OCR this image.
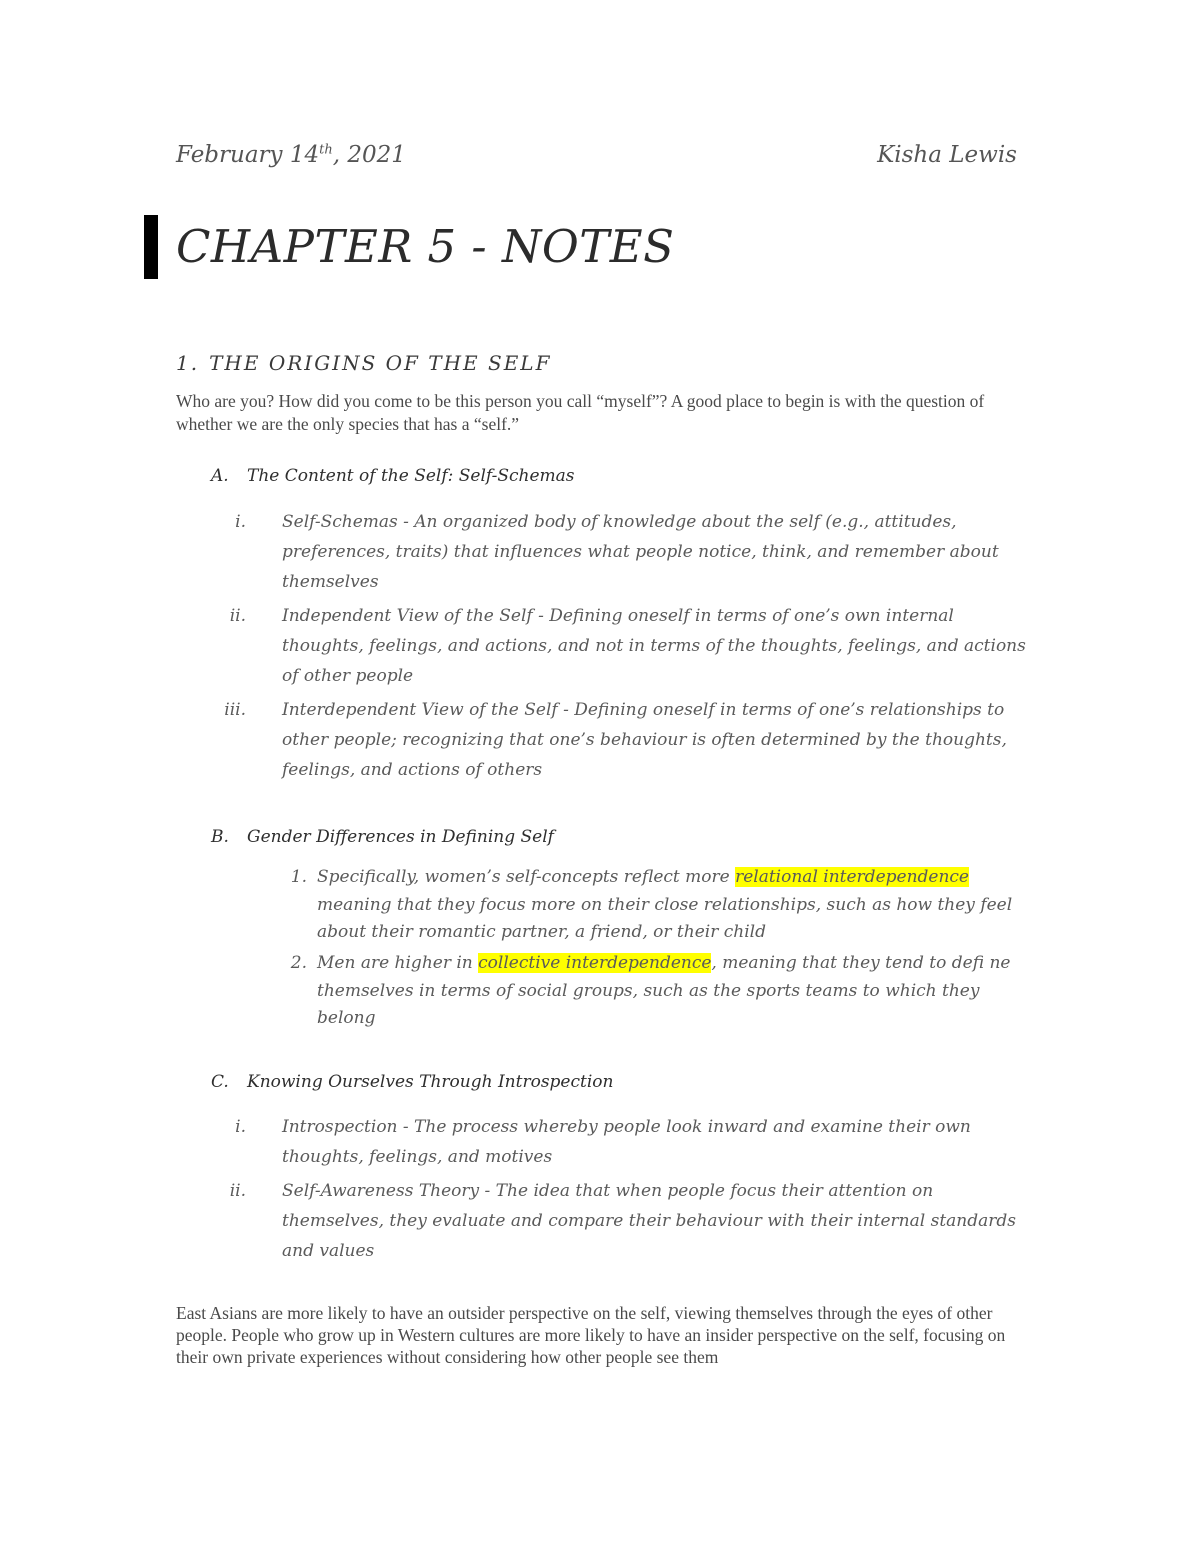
February 14th, 2021	Kisha Lewis
CHAPTER 5 - NOTES
1. THE ORIGINS OF THE SELF
Who are you? How did you come to be this person you call “myself”? A good place to begin is with the question of whether we are the only species that has a “self.”
A. The Content of the Self: Self-Schemas
i. Self-Schemas - An organized body of knowledge about the self (e.g., attitudes, preferences, traits) that influences what people notice, think, and remember about themselves
ii. Independent View of the Self - Defining oneself in terms of one’s own internal thoughts, feelings, and actions, and not in terms of the thoughts, feelings, and actions of other people
iii. Interdependent View of the Self - Defining oneself in terms of one’s relationships to other people; recognizing that one’s behaviour is often determined by the thoughts, feelings, and actions of others
B. Gender Differences in Defining Self
1. Specifically, women’s self-concepts reflect more relational interdependence meaning that they focus more on their close relationships, such as how they feel about their romantic partner, a friend, or their child
2. Men are higher in collective interdependence, meaning that they tend to defi ne themselves in terms of social groups, such as the sports teams to which they belong
C. Knowing Ourselves Through Introspection
i. Introspection - The process whereby people look inward and examine their own thoughts, feelings, and motives
ii. Self-Awareness Theory - The idea that when people focus their attention on themselves, they evaluate and compare their behaviour with their internal standards and values
East Asians are more likely to have an outsider perspective on the self, viewing themselves through the eyes of other people. People who grow up in Western cultures are more likely to have an insider perspective on the self, focusing on their own private experiences without considering how other people see them
